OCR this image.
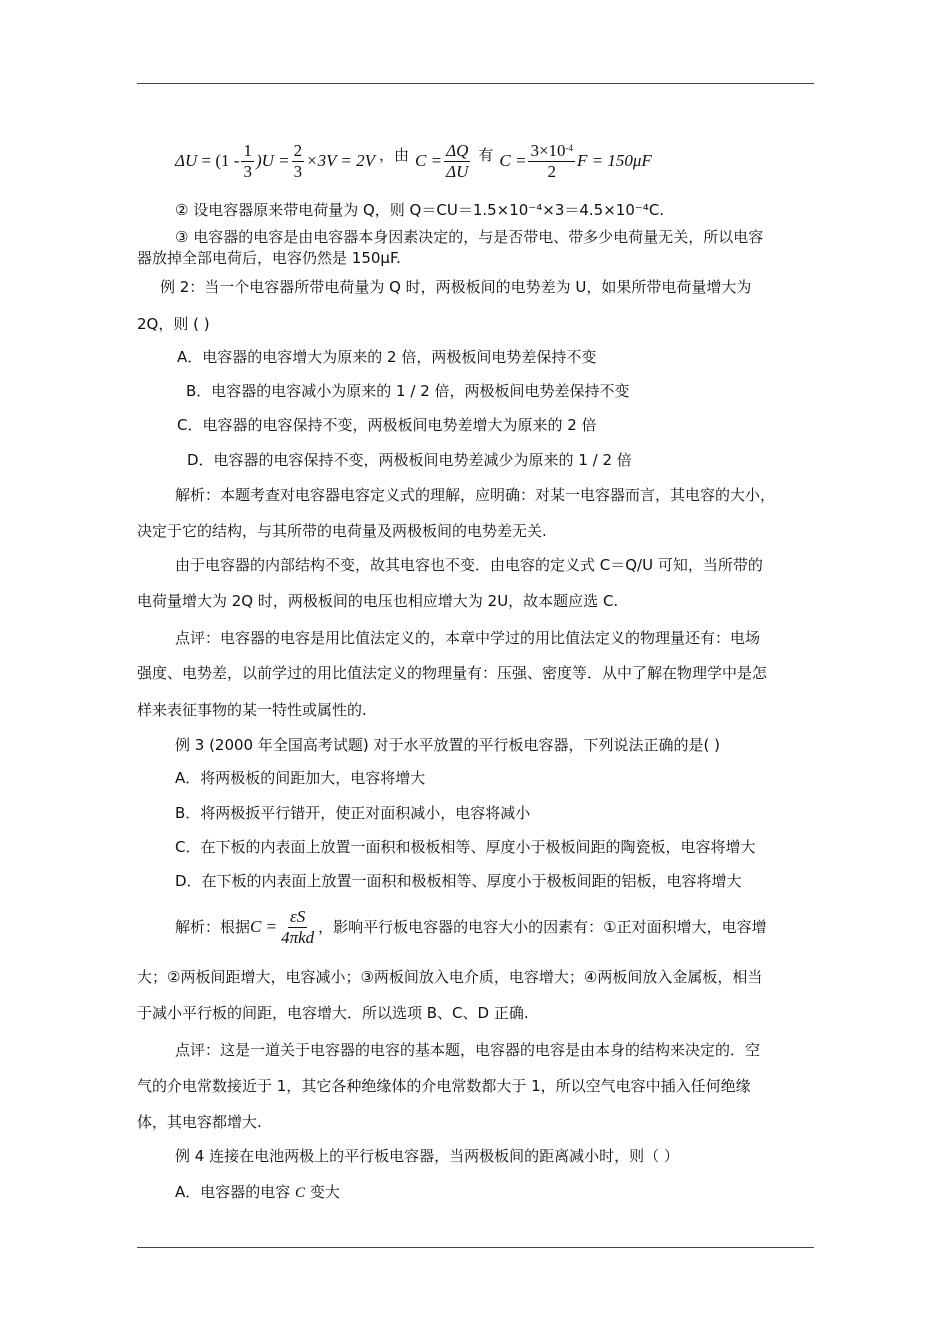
ΔU
= $(1 - \frac{1}{3} )U = \frac{2}{3} \times 3V = 2V$ ，由 $C = \frac{\Delta Q}{\Delta U}$ 有 $C = \frac{3\times 10^{-4}}{2}$ F = 150μF
② 设电容器原来带电荷量为 Q，则 Q＝CU＝1.5×10⁻⁴×3＝4.5×10⁻⁴C.
③ 电容器的电容是由电容器本身因素决定的，与是否带电、带多少电荷量无关，所以电容
器放掉全部电荷后，电容仍然是 150μF.
例 2：当一个电容器所带电荷量为 Q 时，两极板间的电势差为 U，如果所带电荷量增大为
2Q，则 ( )
A．电容器的电容增大为原来的 2 倍，两极板间电势差保持不变
B．电容器的电容减小为原来的 1 / 2 倍，两极板间电势差保持不变
C．电容器的电容保持不变，两极板间电势差增大为原来的 2 倍
D．电容器的电容保持不变，两极板间电势差减少为原来的 1 / 2 倍
解析：本题考查对电容器电容定义式的理解，应明确：对某一电容器而言，其电容的大小，
决定于它的结构，与其所带的电荷量及两极板间的电势差无关.
由于电容器的内部结构不变，故其电容也不变．由电容的定义式 C＝Q/U 可知，当所带的
电荷量增大为 2Q 时，两极板间的电压也相应增大为 2U，故本题应选 C.
点评：电容器的电容是用比值法定义的，本章中学过的用比值法定义的物理量还有：电场
强度、电势差，以前学过的用比值法定义的物理量有：压强、密度等．从中了解在物理学中是怎
样来表征事物的某一特性或属性的.
例 3 (2000 年全国高考试题) 对于水平放置的平行板电容器，下列说法正确的是( )
A．将两极板的间距加大，电容将增大
B．将两极扳平行错开，使正对面积减小，电容将减小
C．在下板的内表面上放置一面积和极板相等、厚度小于极板间距的陶瓷板，电容将增大
D．在下板的内表面上放置一面积和极板相等、厚度小于极板间距的铝板，电容将增大
解析：根据 $C = \frac{\varepsilon S}{\text{4πkd}}$ ，影响平行板电容器的电容大小的因素有：①正对面积增大，电容增
大；②两板间距增大，电容减小；③两板间放入电介质，电容增大；④两板间放入金属板，相当
于减小平行板的间距，电容增大．所以选项 B、C、D 正确.
点评：这是一道关于电容器的电容的基本题，电容器的电容是由本身的结构来决定的．空
气的介电常数接近于 1，其它各种绝缘体的介电常数都大于 1，所以空气电容中插入任何绝缘
体，其电容都增大.
例 4 连接在电池两极上的平行板电容器，当两极板间的距离减小时，则（ ）
A．电容器的电容 C 变大
